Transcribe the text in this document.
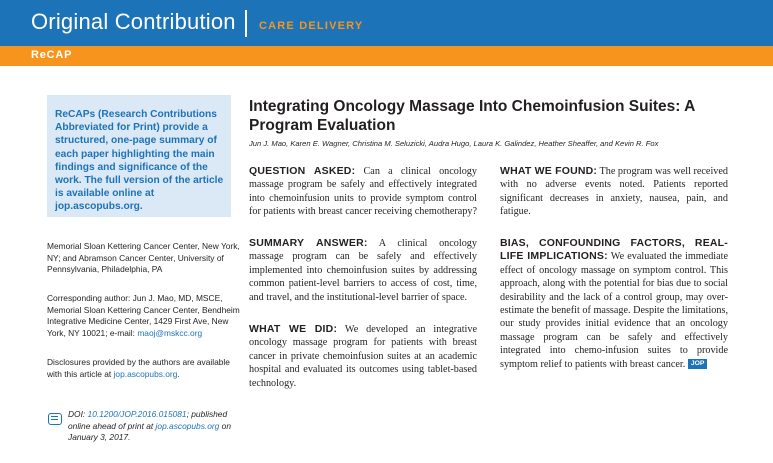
Original Contribution CARE DELIVERY
ReCAP
ReCAPs (Research Contributions Abbreviated for Print) provide a structured, one-page summary of each paper highlighting the main findings and significance of the work. The full version of the article is available online at jop.ascopubs.org.
Memorial Sloan Kettering Cancer Center, New York, NY; and Abramson Cancer Center, University of Pennsylvania, Philadelphia, PA
Corresponding author: Jun J. Mao, MD, MSCE, Memorial Sloan Kettering Cancer Center, Bendheim Integrative Medicine Center, 1429 First Ave, New York, NY 10021; e-mail: maoj@mskcc.org
Disclosures provided by the authors are available with this article at jop.ascopubs.org.
DOI: 10.1200/JOP.2016.015081; published online ahead of print at jop.ascopubs.org on January 3, 2017.
Integrating Oncology Massage Into Chemoinfusion Suites: A Program Evaluation
Jun J. Mao, Karen E. Wagner, Christina M. Seluzicki, Audra Hugo, Laura K. Galindez, Heather Sheaffer, and Kevin R. Fox
QUESTION ASKED: Can a clinical oncology massage program be safely and effectively integrated into chemoinfusion units to provide symptom control for patients with breast cancer receiving chemotherapy?
SUMMARY ANSWER: A clinical oncology massage program can be safely and effectively implemented into chemoinfusion suites by addressing common patient-level barriers to access of cost, time, and travel, and the institutional-level barrier of space.
WHAT WE DID: We developed an integrative oncology massage program for patients with breast cancer in private chemoinfusion suites at an academic hospital and evaluated its outcomes using tablet-based technology.
WHAT WE FOUND: The program was well received with no adverse events noted. Patients reported significant decreases in anxiety, nausea, pain, and fatigue.
BIAS, CONFOUNDING FACTORS, REAL-LIFE IMPLICATIONS: We evaluated the immediate effect of oncology massage on symptom control. This approach, along with the potential for bias due to social desirability and the lack of a control group, may over-estimate the benefit of massage. Despite the limitations, our study provides initial evidence that an oncology massage program can be safely and effectively integrated into chemo-infusion suites to provide symptom relief to patients with breast cancer. JOP
